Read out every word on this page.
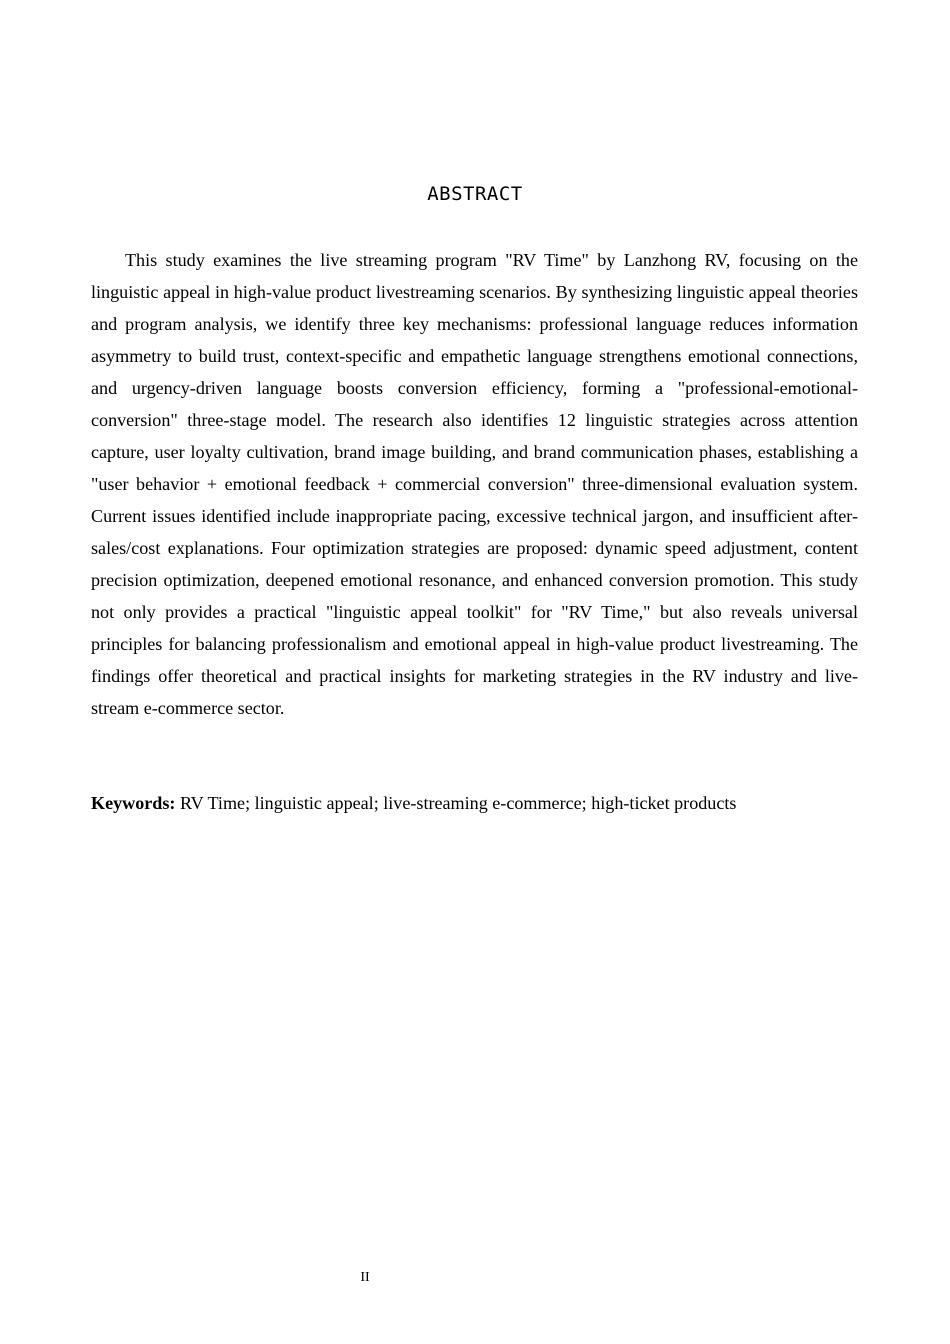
ABSTRACT

This study examines the live streaming program "RV Time" by Lanzhong RV, focusing on the linguistic appeal in high-value product livestreaming scenarios. By synthesizing linguistic appeal theories and program analysis, we identify three key mechanisms: professional language reduces information asymmetry to build trust, context-specific and empathetic language strengthens emotional connections, and urgency-driven language boosts conversion efficiency, forming a "professional-emotional-conversion" three-stage model. The research also identifies 12 linguistic strategies across attention capture, user loyalty cultivation, brand image building, and brand communication phases, establishing a "user behavior + emotional feedback + commercial conversion" three-dimensional evaluation system. Current issues identified include inappropriate pacing, excessive technical jargon, and insufficient after-sales/cost explanations. Four optimization strategies are proposed: dynamic speed adjustment, content precision optimization, deepened emotional resonance, and enhanced conversion promotion. This study not only provides a practical "linguistic appeal toolkit" for "RV Time," but also reveals universal principles for balancing professionalism and emotional appeal in high-value product livestreaming. The findings offer theoretical and practical insights for marketing strategies in the RV industry and live-stream e-commerce sector.

Keywords: RV Time; linguistic appeal; live-streaming e-commerce; high-ticket products

II
